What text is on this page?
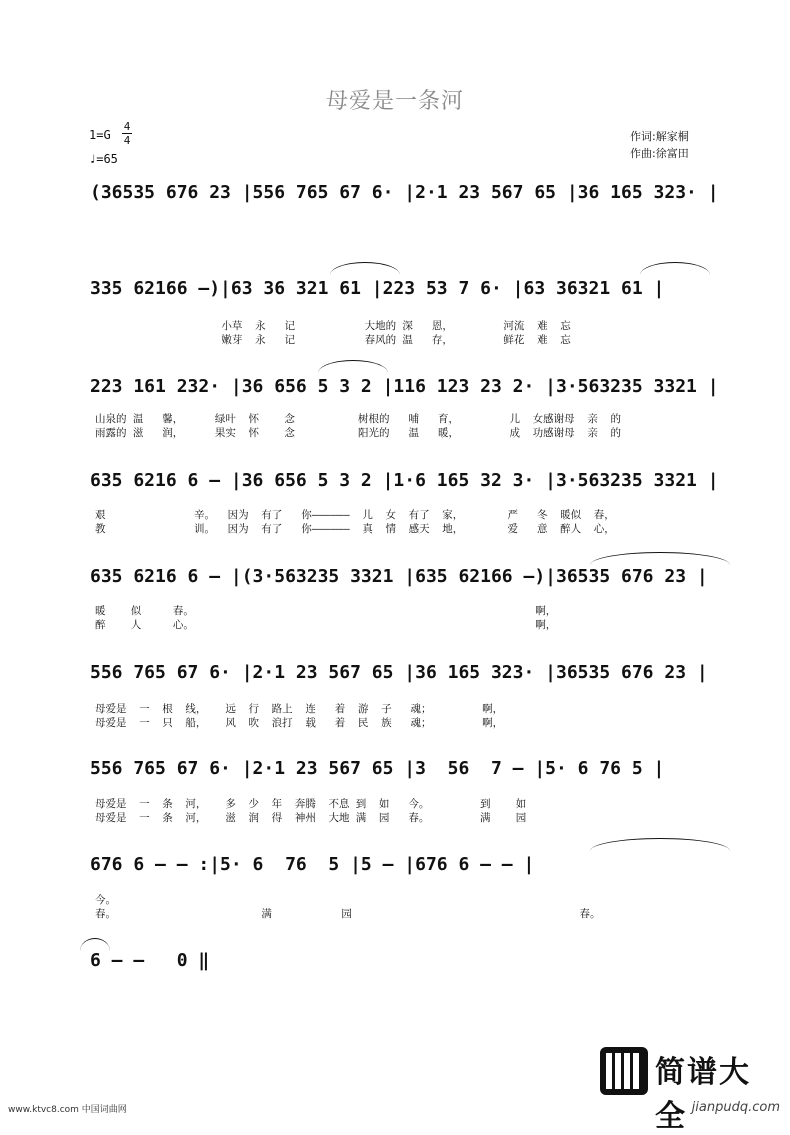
母爱是一条河
1=G
4
4
♩=65
作词:解家桐
作曲:徐富田
(36535 676 23 |556 765 67 6· |2·1 23 567 65 |36 165 323· |
335 62166 –)|63 36 321 61 |223 53 7 6· |63 36321 61 |
小草  永   记           大地的 深   恩，        河流  难  忘
嫩芽  永   记           春风的 温   存，        鲜花  难  忘
223 161 232· |36 656 5 3 2 |116 123 23 2· |3·563235 3321 |
山泉的 温   馨，     绿叶  怀    念          树根的   哺   育，        儿  女感谢母  亲  的
雨露的 滋   润，     果实  怀    念          阳光的   温   暖，        成  功感谢母  亲  的
635 6216 6 – |36 656 5 3 2 |1·6 165 32 3· |3·563235 3321 |
艰              辛。  因为  有了   你——————  儿  女  有了  家，       严   冬  暖似  春，
教              训。  因为  有了   你——————  真  情  感天  地，       爱   意  醉人  心，
635 6216 6 – |(3·563235 3321 |635 62166 –)|36535 676 23 |
暖    似     春。                                                      啊，
醉    人     心。                                                      啊，
556 765 67 6· |2·1 23 567 65 |36 165 323· |36535 676 23 |
母爱是  一  根  线，   远  行  路上  连   着  游  子   魂；        啊，
母爱是  一  只  船，   风  吹  浪打  载   着  民  族   魂；        啊，
556 765 67 6· |2·1 23 567 65 |3  56  7 – |5· 6 76 5 |
母爱是  一  条  河，   多  少  年  奔腾  不息 到  如   今。        到    如
母爱是  一  条  河，   滋  润  得  神州  大地 满  园   春。        满    园
676 6 – – :|5· 6  76  5 |5 – |676 6 – – |
今。
春。                       满           园                                    春。
6 – –   0 ‖
简谱大全 jianpudq.com
www.ktvc8.com 中国词曲网
